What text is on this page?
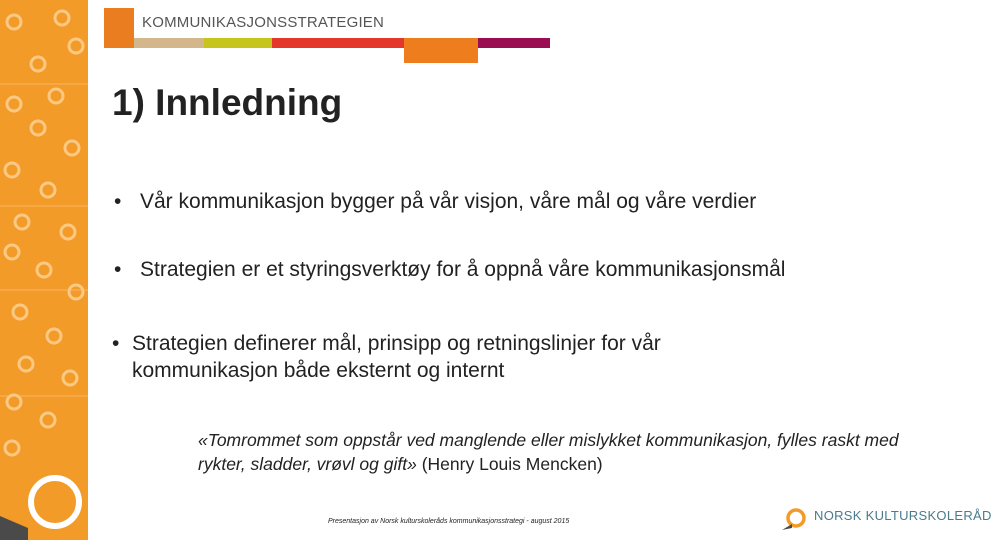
KOMMUNIKASJONSSTRATEGIEN
1) Innledning
• Vår kommunikasjon bygger på vår visjon, våre mål og våre verdier
• Strategien er et styringsverktøy for å oppnå våre kommunikasjonsmål
• Strategien definerer mål, prinsipp og retningslinjer for vår kommunikasjon både eksternt og internt
«Tomrommet som oppstår ved manglende eller mislykket kommunikasjon, fylles raskt med rykter, sladder, vrøvl og gift» (Henry Louis Mencken)
Presentasjon av Norsk kulturskoleråds kommunikasjonsstrategi - august 2015	NORSK KULTURSKOLERÅD
